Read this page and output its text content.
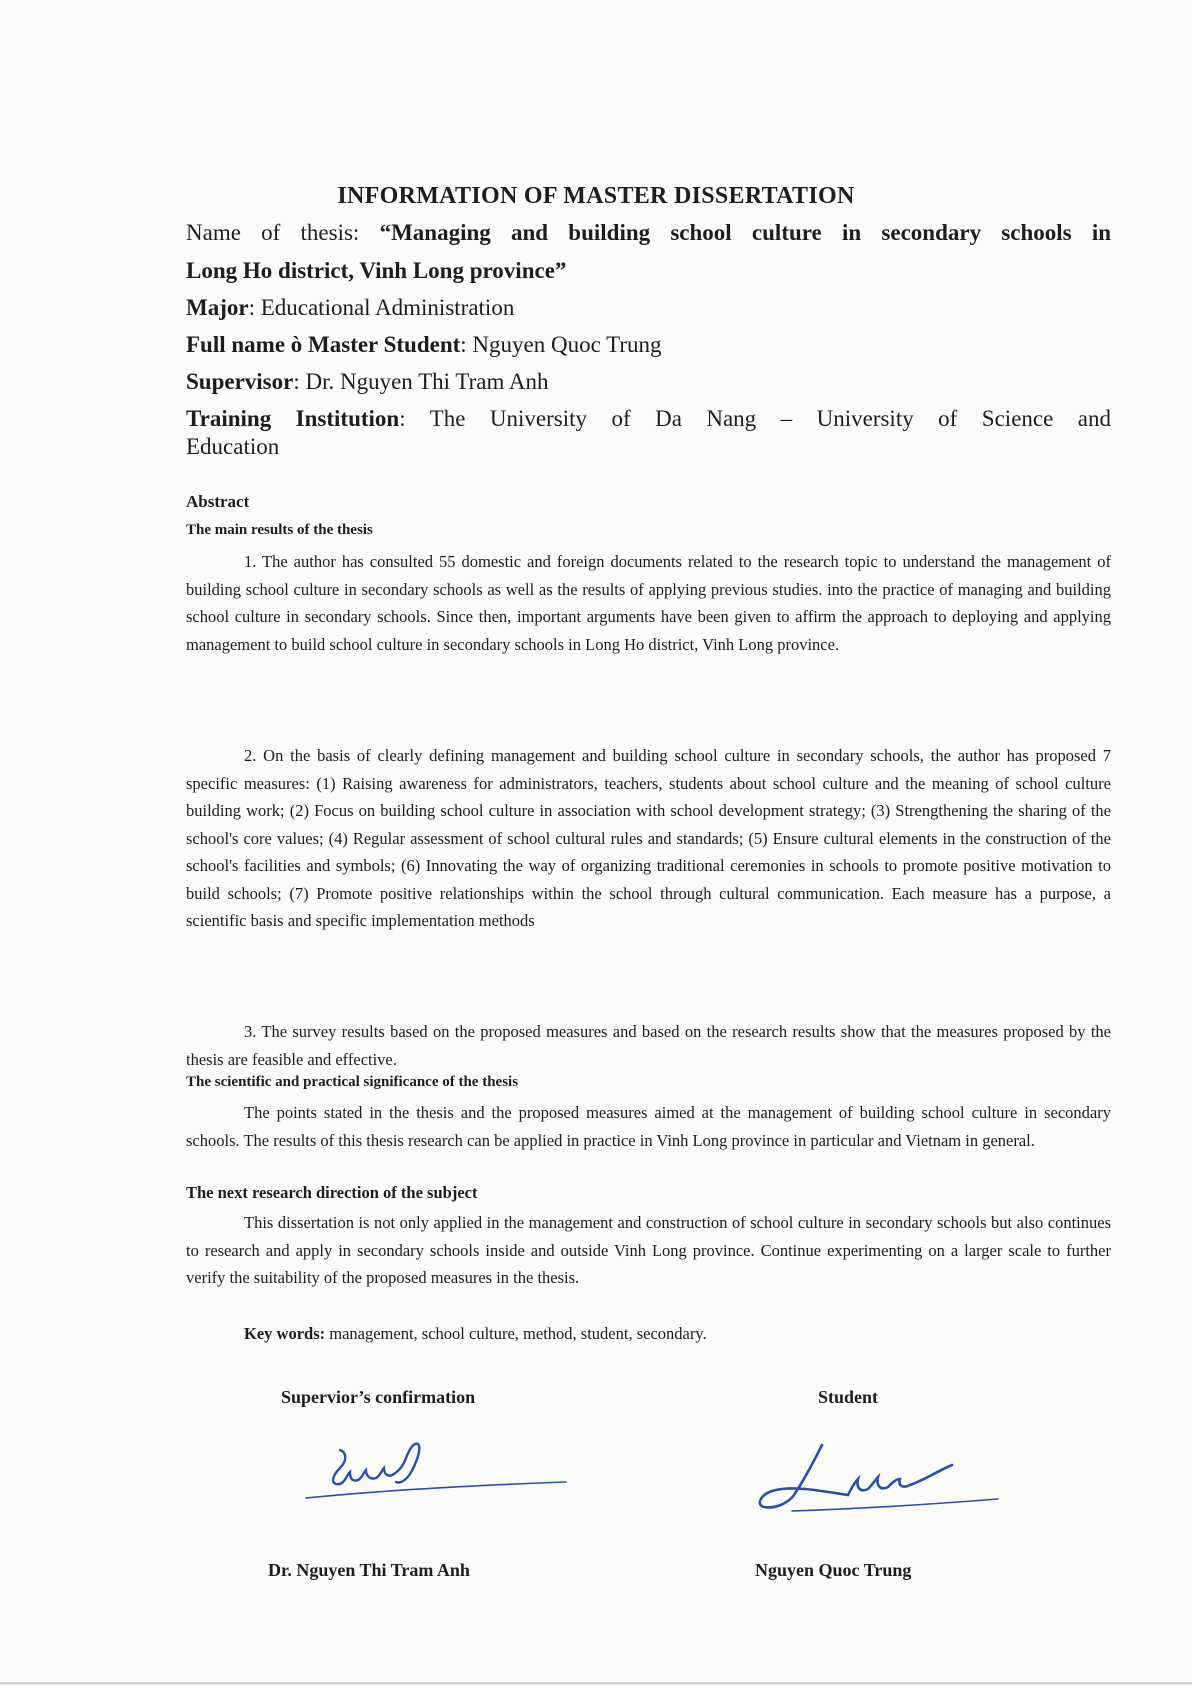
INFORMATION OF MASTER DISSERTATION
Name of thesis: “Managing and building school culture in secondary schools in
Long Ho district, Vinh Long province”
Major: Educational Administration
Full name ò Master Student: Nguyen Quoc Trung
Supervisor: Dr. Nguyen Thi Tram Anh
Training Institution: The University of Da Nang – University of Science and
Education
Abstract
The main results of the thesis
1. The author has consulted 55 domestic and foreign documents related to the research topic to understand the management of building school culture in secondary schools as well as the results of applying previous studies. into the practice of managing and building school culture in secondary schools. Since then, important arguments have been given to affirm the approach to deploying and applying management to build school culture in secondary schools in Long Ho district, Vinh Long province.
2. On the basis of clearly defining management and building school culture in secondary schools, the author has proposed 7 specific measures: (1) Raising awareness for administrators, teachers, students about school culture and the meaning of school culture building work; (2) Focus on building school culture in association with school development strategy; (3) Strengthening the sharing of the school's core values; (4) Regular assessment of school cultural rules and standards; (5) Ensure cultural elements in the construction of the school's facilities and symbols; (6) Innovating the way of organizing traditional ceremonies in schools to promote positive motivation to build schools; (7) Promote positive relationships within the school through cultural communication. Each measure has a purpose, a scientific basis and specific implementation methods
3. The survey results based on the proposed measures and based on the research results show that the measures proposed by the thesis are feasible and effective.
The scientific and practical significance of the thesis
The points stated in the thesis and the proposed measures aimed at the management of building school culture in secondary schools. The results of this thesis research can be applied in practice in Vinh Long province in particular and Vietnam in general.
The next research direction of the subject
This dissertation is not only applied in the management and construction of school culture in secondary schools but also continues to research and apply in secondary schools inside and outside Vinh Long province. Continue experimenting on a larger scale to further verify the suitability of the proposed measures in the thesis.
Key words: management, school culture, method, student, secondary.
Supervior’s confirmation
Dr. Nguyen Thi Tram Anh
Student
Nguyen Quoc Trung
